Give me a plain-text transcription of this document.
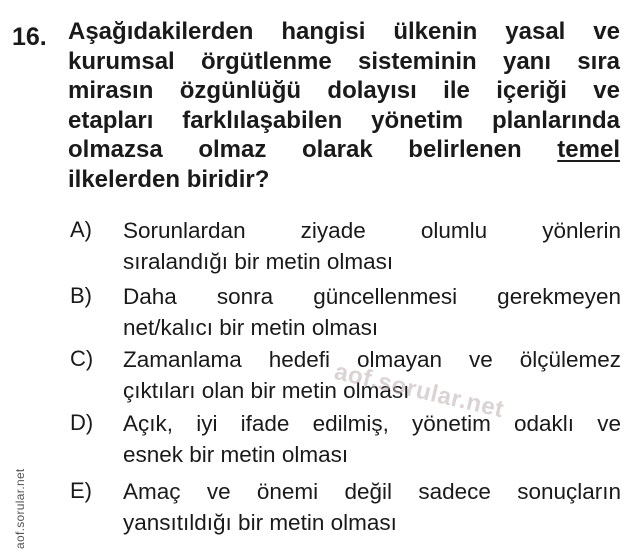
16. Aşağıdakilerden hangisi ülkenin yasal ve
kurumsal örgütlenme sisteminin yanı sıra
mirasın özgünlüğü dolayısı ile içeriği ve
etapları farklılaşabilen yönetim planlarında
olmazsa olmaz olarak belirlenen temel
ilkelerden biridir?
A) Sorunlardan ziyade olumlu yönlerin
sıralandığı bir metin olması
B) Daha sonra güncellenmesi gerekmeyen
net/kalıcı bir metin olması
C) Zamanlama hedefi olmayan ve ölçülemez
çıktıları olan bir metin olması
D) Açık, iyi ifade edilmiş, yönetim odaklı ve
esnek bir metin olması
E) Amaç ve önemi değil sadece sonuçların
yansıtıldığı bir metin olması
aof.sorular.net
aof.sorular.net
